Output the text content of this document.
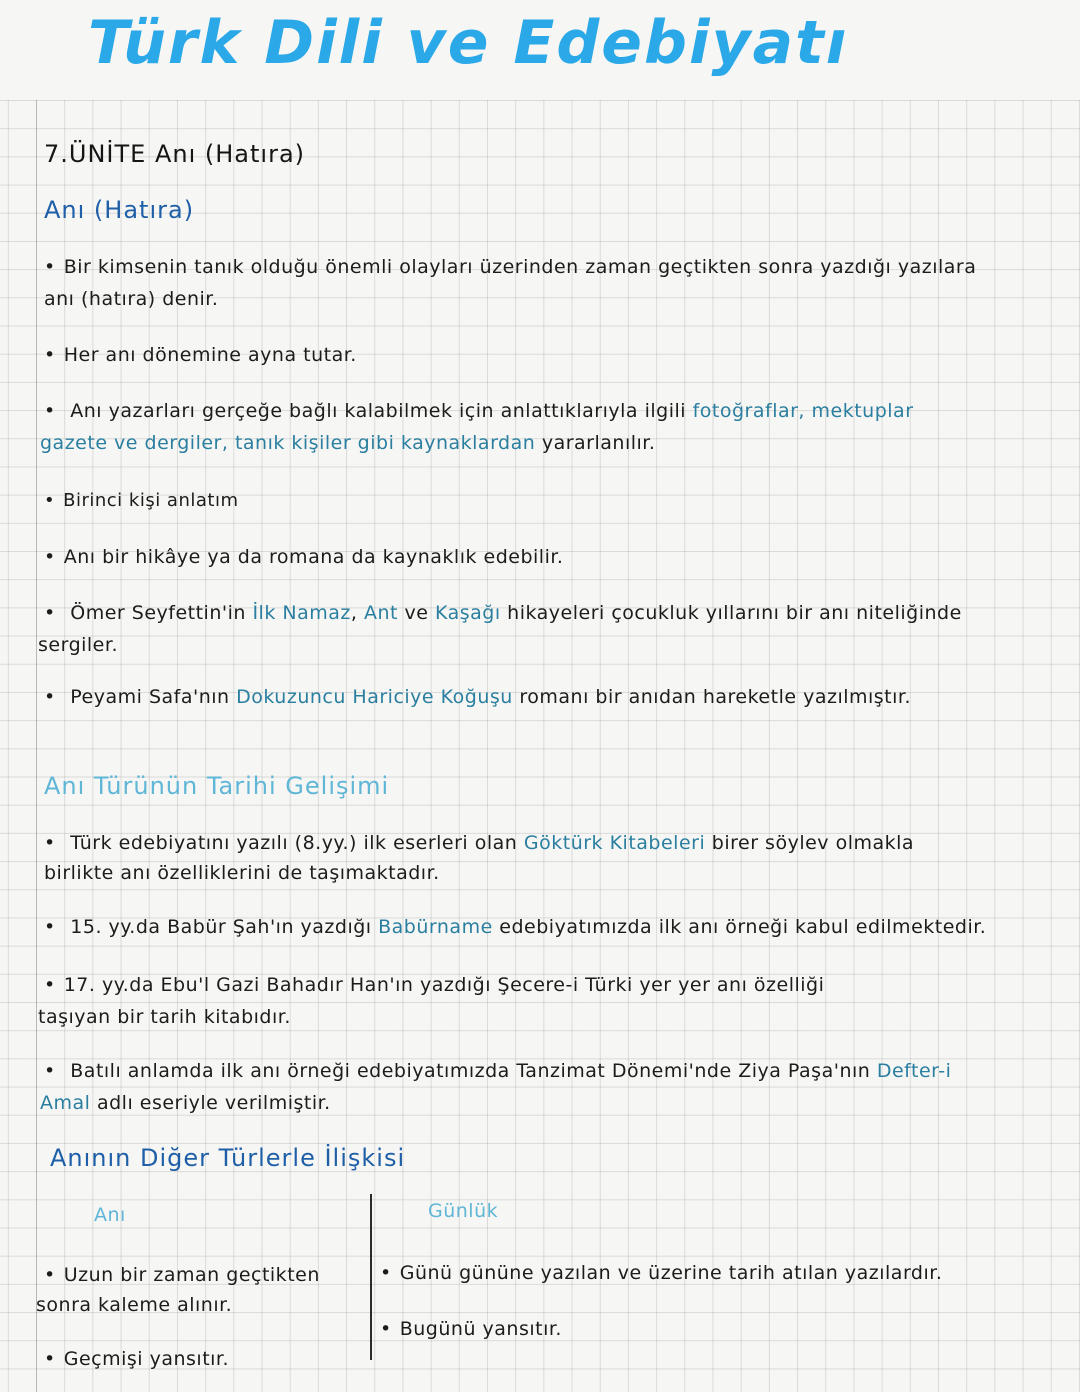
Türk Dili ve Edebiyatı
7.ÜNİTE Anı (Hatıra)
Anı (Hatıra)
• Bir kimsenin tanık olduğu önemli olayları üzerinden zaman geçtikten sonra yazdığı yazılara
anı (hatıra) denir.
• Her anı dönemine ayna tutar.
• Anı yazarları gerçeğe bağlı kalabilmek için anlattıklarıyla ilgili fotoğraflar, mektuplar
gazete ve dergiler, tanık kişiler gibi kaynaklardan yararlanılır.
• Birinci kişi anlatım
• Anı bir hikâye ya da romana da kaynaklık edebilir.
• Ömer Seyfettin'in İlk Namaz, Ant ve Kaşağı hikayeleri çocukluk yıllarını bir anı niteliğinde
sergiler.
• Peyami Safa'nın Dokuzuncu Hariciye Koğuşu romanı bir anıdan hareketle yazılmıştır.
Anı Türünün Tarihi Gelişimi
• Türk edebiyatını yazılı (8.yy.) ilk eserleri olan Göktürk Kitabeleri birer söylev olmakla
birlikte anı özelliklerini de taşımaktadır.
• 15. yy.da Babür Şah'ın yazdığı Babürname edebiyatımızda ilk anı örneği kabul edilmektedir.
• 17. yy.da Ebu'l Gazi Bahadır Han'ın yazdığı Şecere-i Türki yer yer anı özelliği
taşıyan bir tarih kitabıdır.
• Batılı anlamda ilk anı örneği edebiyatımızda Tanzimat Dönemi'nde Ziya Paşa'nın Defter-i
Amal adlı eseriyle verilmiştir.
Anının Diğer Türlerle İlişkisi
Anı	Günlük
• Uzun bir zaman geçtikten
sonra kaleme alınır.
• Geçmişi yansıtır.
• Günü gününe yazılan ve üzerine tarih atılan yazılardır.
• Bugünü yansıtır.
